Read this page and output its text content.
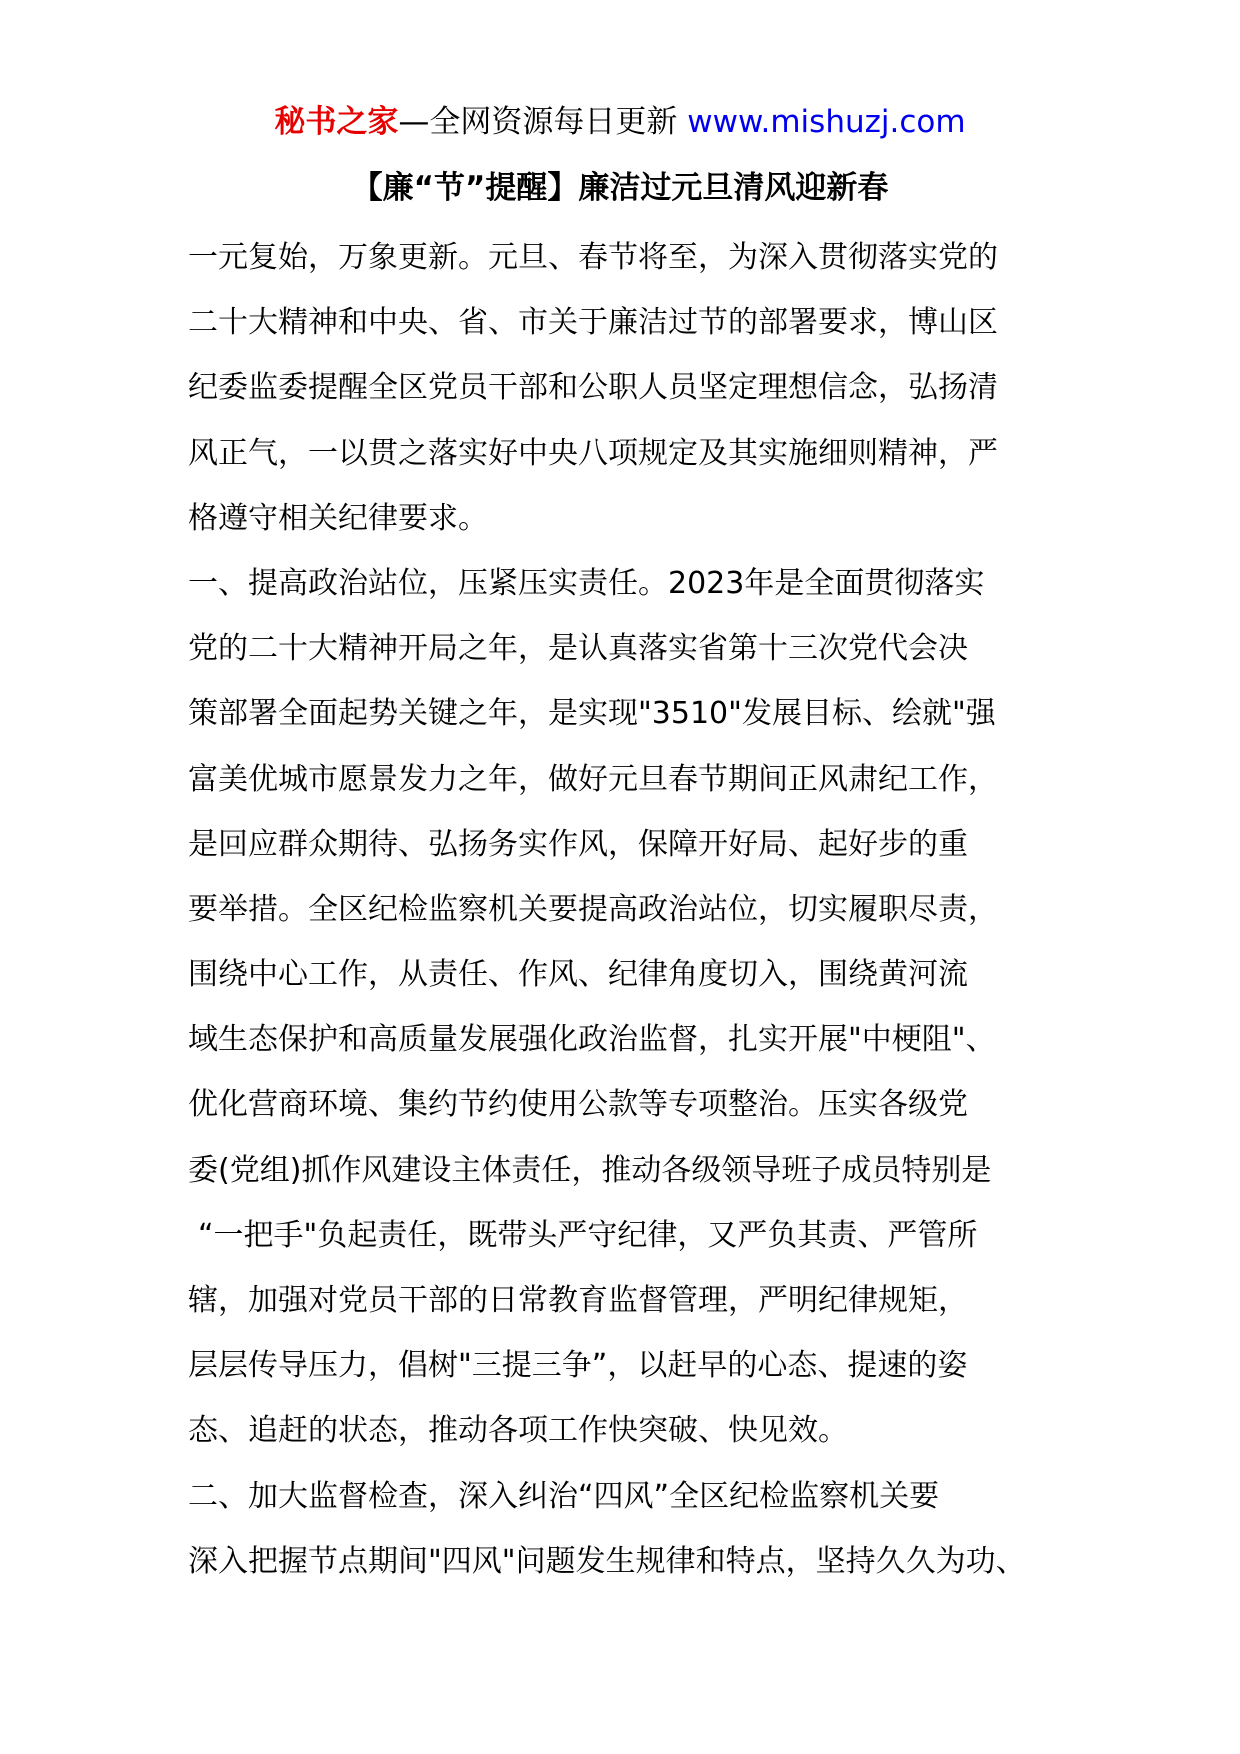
秘书之家—全网资源每日更新 www.mishuzj.com
【廉“节”提醒】廉洁过元旦清风迎新春
一元复始，万象更新。元旦、春节将至，为深入贯彻落实党的
二十大精神和中央、省、市关于廉洁过节的部署要求，博山区
纪委监委提醒全区党员干部和公职人员坚定理想信念，弘扬清
风正气，一以贯之落实好中央八项规定及其实施细则精神，严
格遵守相关纪律要求。
一、提高政治站位，压紧压实责任。2023年是全面贯彻落实
党的二十大精神开局之年，是认真落实省第十三次党代会决
策部署全面起势关键之年，是实现"3510"发展目标、绘就"强
富美优城市愿景发力之年，做好元旦春节期间正风肃纪工作，
是回应群众期待、弘扬务实作风，保障开好局、起好步的重
要举措。全区纪检监察机关要提高政治站位，切实履职尽责，
围绕中心工作，从责任、作风、纪律角度切入，围绕黄河流
域生态保护和高质量发展强化政治监督，扎实开展"中梗阻"、
优化营商环境、集约节约使用公款等专项整治。压实各级党
委(党组)抓作风建设主体责任，推动各级领导班子成员特别是
“一把手"负起责任，既带头严守纪律，又严负其责、严管所
辖，加强对党员干部的日常教育监督管理，严明纪律规矩，
层层传导压力，倡树"三提三争”，以赶早的心态、提速的姿
态、追赶的状态，推动各项工作快突破、快见效。
二、加大监督检查，深入纠治“四风”全区纪检监察机关要
深入把握节点期间"四风"问题发生规律和特点，坚持久久为功、
